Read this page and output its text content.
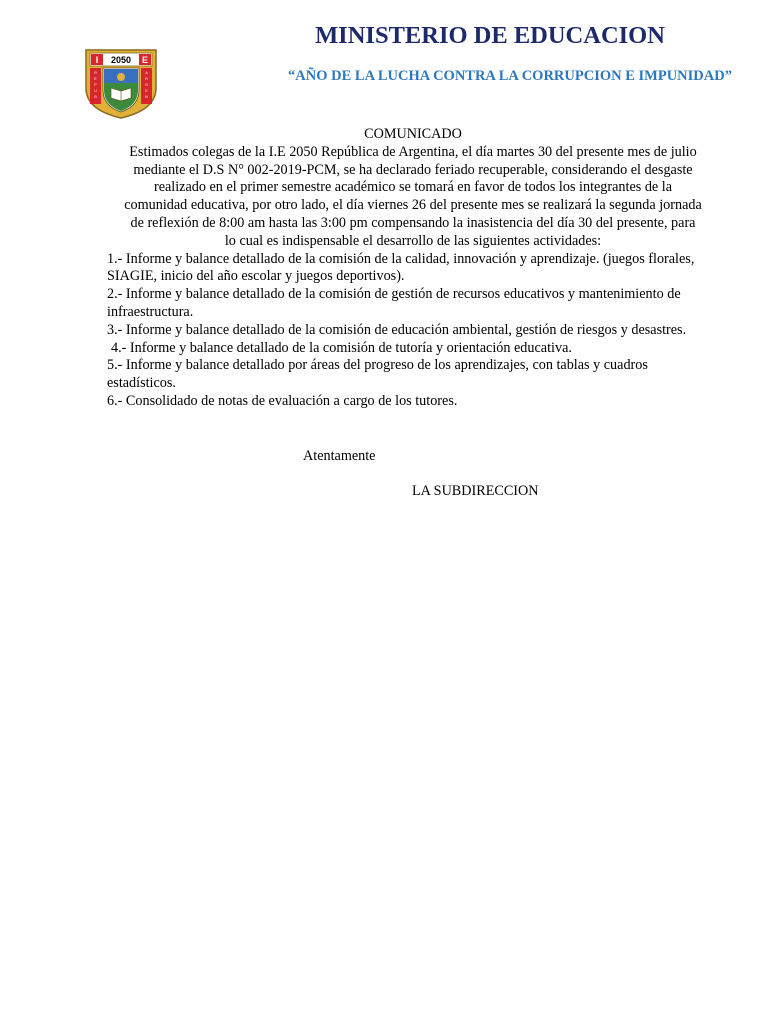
I	E
2050
R
E
P
U
B
A
R
G
E
N
MINISTERIO DE EDUCACION
“AÑO DE LA LUCHA CONTRA LA CORRUPCION E IMPUNIDAD”

COMUNICADO

Estimados colegas de la I.E 2050 República de Argentina, el día martes 30 del presente mes de julio

mediante el D.S N° 002-2019-PCM, se ha declarado feriado recuperable, considerando el desgaste

realizado en el primer semestre académico se tomará en favor de todos los integrantes de la

comunidad educativa, por otro lado, el día viernes 26 del presente mes se realizará la segunda jornada

de reflexión de 8:00 am hasta las 3:00 pm compensando la inasistencia del día 30 del presente, para

lo cual es indispensable el desarrollo de las siguientes actividades:

1.- Informe y balance detallado de la comisión de la calidad, innovación y aprendizaje. (juegos florales, SIAGIE, inicio del año escolar y juegos deportivos).

2.- Informe y balance detallado de la comisión de gestión de recursos educativos y mantenimiento de infraestructura.

3.- Informe y balance detallado de la comisión de educación ambiental, gestión de riesgos y desastres.

4.- Informe y balance detallado de la comisión de tutoría y orientación educativa.

5.- Informe y balance detallado por áreas del progreso de los aprendizajes, con tablas y cuadros estadísticos.

6.- Consolidado de notas de evaluación a cargo de los tutores.

Atentamente
LA SUBDIRECCION
